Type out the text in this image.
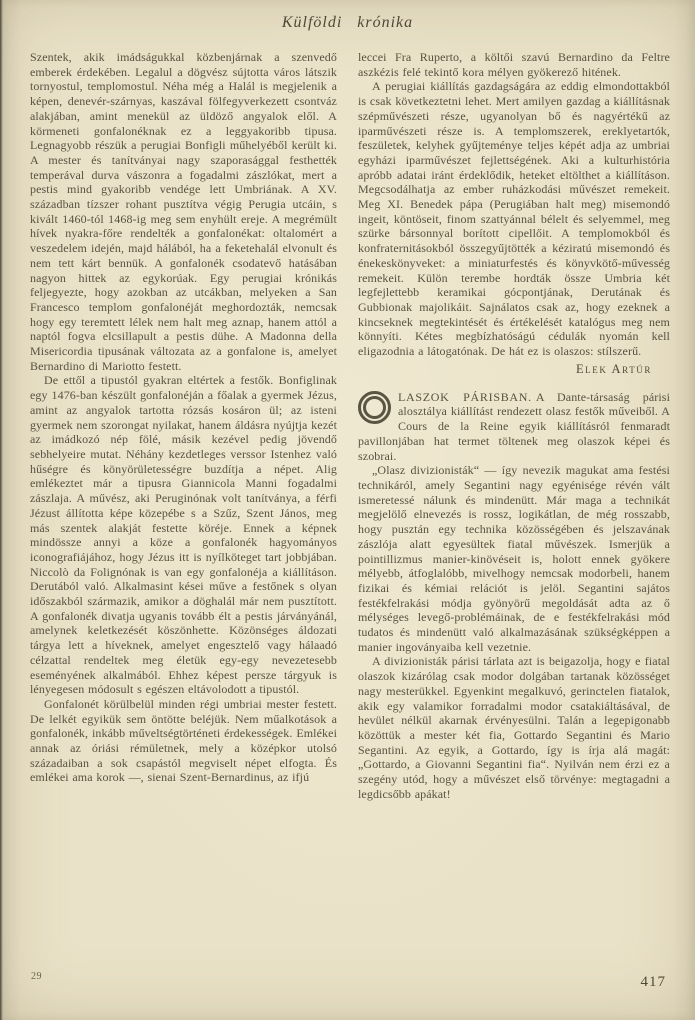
Külföldi krónika

Szentek, akik imádságukkal közbenjárnak a szenvedő emberek érdekében. Legalul a dögvész sújtotta város látszik tornyostul, templomostul. Néha még a Halál is megjelenik a képen, denevér-szárnyas, kaszával fölfegyverkezett csontváz alakjában, amint menekül az üldöző angyalok elől. A körmeneti gonfalonéknak ez a leggyakoribb tipusa. Legnagyobb részük a perugiai Bonfigli műhelyéből került ki. A mester és tanítványai nagy szaporasággal festhették temperával durva vászonra a fogadalmi zászlókat, mert a pestis mind gyakoribb vendége lett Umbriának. A XV. században tízszer rohant pusztítva végig Perugia utcáin, s kivált 1460-tól 1468-ig meg sem enyhült ereje. A megrémült hívek nyakra-főre rendelték a gonfalonékat: oltalomért a veszedelem idején, majd hálából, ha a feketehalál elvonult és nem tett kárt bennük. A gonfalonék csodatevő hatásában nagyon hittek az egykorúak. Egy perugiai krónikás feljegyezte, hogy azokban az utcákban, melyeken a San Francesco templom gonfalonéját meghordozták, nemcsak hogy egy teremtett lélek nem halt meg aznap, hanem attól a naptól fogva elcsillapult a pestis dühe. A Madonna della Misericordia tipusának változata az a gonfalone is, amelyet Bernardino di Mariotto festett.

De ettől a tipustól gyakran eltértek a festők. Bonfiglinak egy 1476-ban készült gonfalonéján a főalak a gyermek Jézus, amint az angyalok tartotta rózsás kosáron ül; az isteni gyermek nem szorongat nyilakat, hanem áldásra nyújtja kezét az imádkozó nép fölé, másik kezével pedig jövendő sebhelyeire mutat. Néhány kezdetleges verssor Istenhez való hűségre és könyörületességre buzdítja a népet. Alig emlékeztet már a tipusra Giannicola Manni fogadalmi zászlaja. A művész, aki Peruginónak volt tanítványa, a férfi Jézust állította képe közepébe s a Szűz, Szent János, meg más szentek alakját festette köréje. Ennek a képnek mindössze annyi a köze a gonfalonék hagyományos iconografiájához, hogy Jézus itt is nyílköteget tart jobbjában. Niccolò da Folignónak is van egy gonfalonéja a kiállításon. Derutából való. Alkalmasint kései műve a festőnek s olyan időszakból származik, amikor a döghalál már nem pusztított. A gonfalonék divatja ugyanis tovább élt a pestis járványánál, amelynek keletkezését köszönhette. Közönséges áldozati tárgya lett a híveknek, amelyet engesztelő vagy hálaadó célzattal rendeltek meg életük egy-egy nevezetesebb eseményének alkalmából. Ehhez képest persze tárgyuk is lényegesen módosult s egészen eltávolodott a tipustól.

Gonfalonét körülbelül minden régi umbriai mester festett. De lelkét egyikük sem öntötte beléjük. Nem műalkotások a gonfalonék, inkább műveltségtörténeti érdekességek. Emlékei annak az óriási rémületnek, mely a középkor utolsó századaiban a sok csapástól megviselt népet elfogta. És emlékei ama korok —, sienai Szent-Bernardinus, az ifjú

leccei Fra Ruperto, a költői szavú Bernardino da Feltre aszkézis felé tekintő kora mélyen gyökerező hitének.

A perugiai kiállítás gazdagságára az eddig elmondottakból is csak következtetni lehet. Mert amilyen gazdag a kiállításnak szépművészeti része, ugyanolyan bő és nagyértékű az iparművészeti része is. A templomszerek, ereklyetartók, feszületek, kelyhek gyűjteménye teljes képét adja az umbriai egyházi iparművészet fejlettségének. Aki a kulturhistória apróbb adatai iránt érdeklődik, heteket eltölthet a kiállításon. Megcsodálhatja az ember ruházkodási művészet remekeit. Meg XI. Benedek pápa (Perugiában halt meg) misemondó ingeit, köntöseit, finom szattyánnal bélelt és selyemmel, meg szürke bársonnyal borított cipellőit. A templomokból és konfraternitásokból összegyűjtötték a kéziratú misemondó és énekeskönyveket: a miniaturfestés és könyvkötő-művesség remekeit. Külön terembe hordták össze Umbria két legfejlettebb keramikai gócpontjának, Derutának és Gubbionak majolikáit. Sajnálatos csak az, hogy ezeknek a kincseknek megtekintését és értékelését katalógus meg nem könnyíti. Kétes megbízhatóságú cédulák nyomán kell eligazodnia a látogatónak. De hát ez is olaszos: stílszerű.

Elek Artúr

LASZOK PÁRISBAN. A Dante-társaság párisi alosztálya kiállítást rendezett olasz festők műveiből. A Cours de la Reine egyik kiállításról fenmaradt pavillonjában hat termet töltenek meg olaszok képei és szobrai.

„Olasz divizionisták“ — így nevezik magukat ama festési technikáról, amely Segantini nagy egyénisége révén vált ismeretessé nálunk és mindenütt. Már maga a technikát megjelölő elnevezés is rossz, logikátlan, de még rosszabb, hogy pusztán egy technika közösségében és jelszavának zászlója alatt egyesültek fiatal művészek. Ismerjük a pointillizmus manier-kinövéseit is, holott ennek gyökere mélyebb, átfoglalóbb, mivelhogy nemcsak modorbeli, hanem fizikai és kémiai relációt is jelöl. Segantini sajátos festékfelrakási módja gyönyörű megoldását adta az ő mélységes levegő-problémáinak, de e festékfelrakási mód tudatos és mindenütt való alkalmazásának szükségképpen a manier ingoványaiba kell vezetnie.

A divizionisták párisi tárlata azt is beigazolja, hogy e fiatal olaszok kizárólag csak modor dolgában tartanak közösséget nagy mesterükkel. Egyenkint megalkuvó, gerinctelen fiatalok, akik egy valamikor forradalmi modor csatakiáltásával, de hevület nélkül akarnak érvényesülni. Talán a legepigonabb közöttük a mester két fia, Gottardo Segantini és Mario Segantini. Az egyik, a Gottardo, így is írja alá magát: „Gottardo, a Giovanni Segantini fia“. Nyilván nem érzi ez a szegény utód, hogy a művészet első törvénye: megtagadni a legdicsőbb apákat!

29	417
